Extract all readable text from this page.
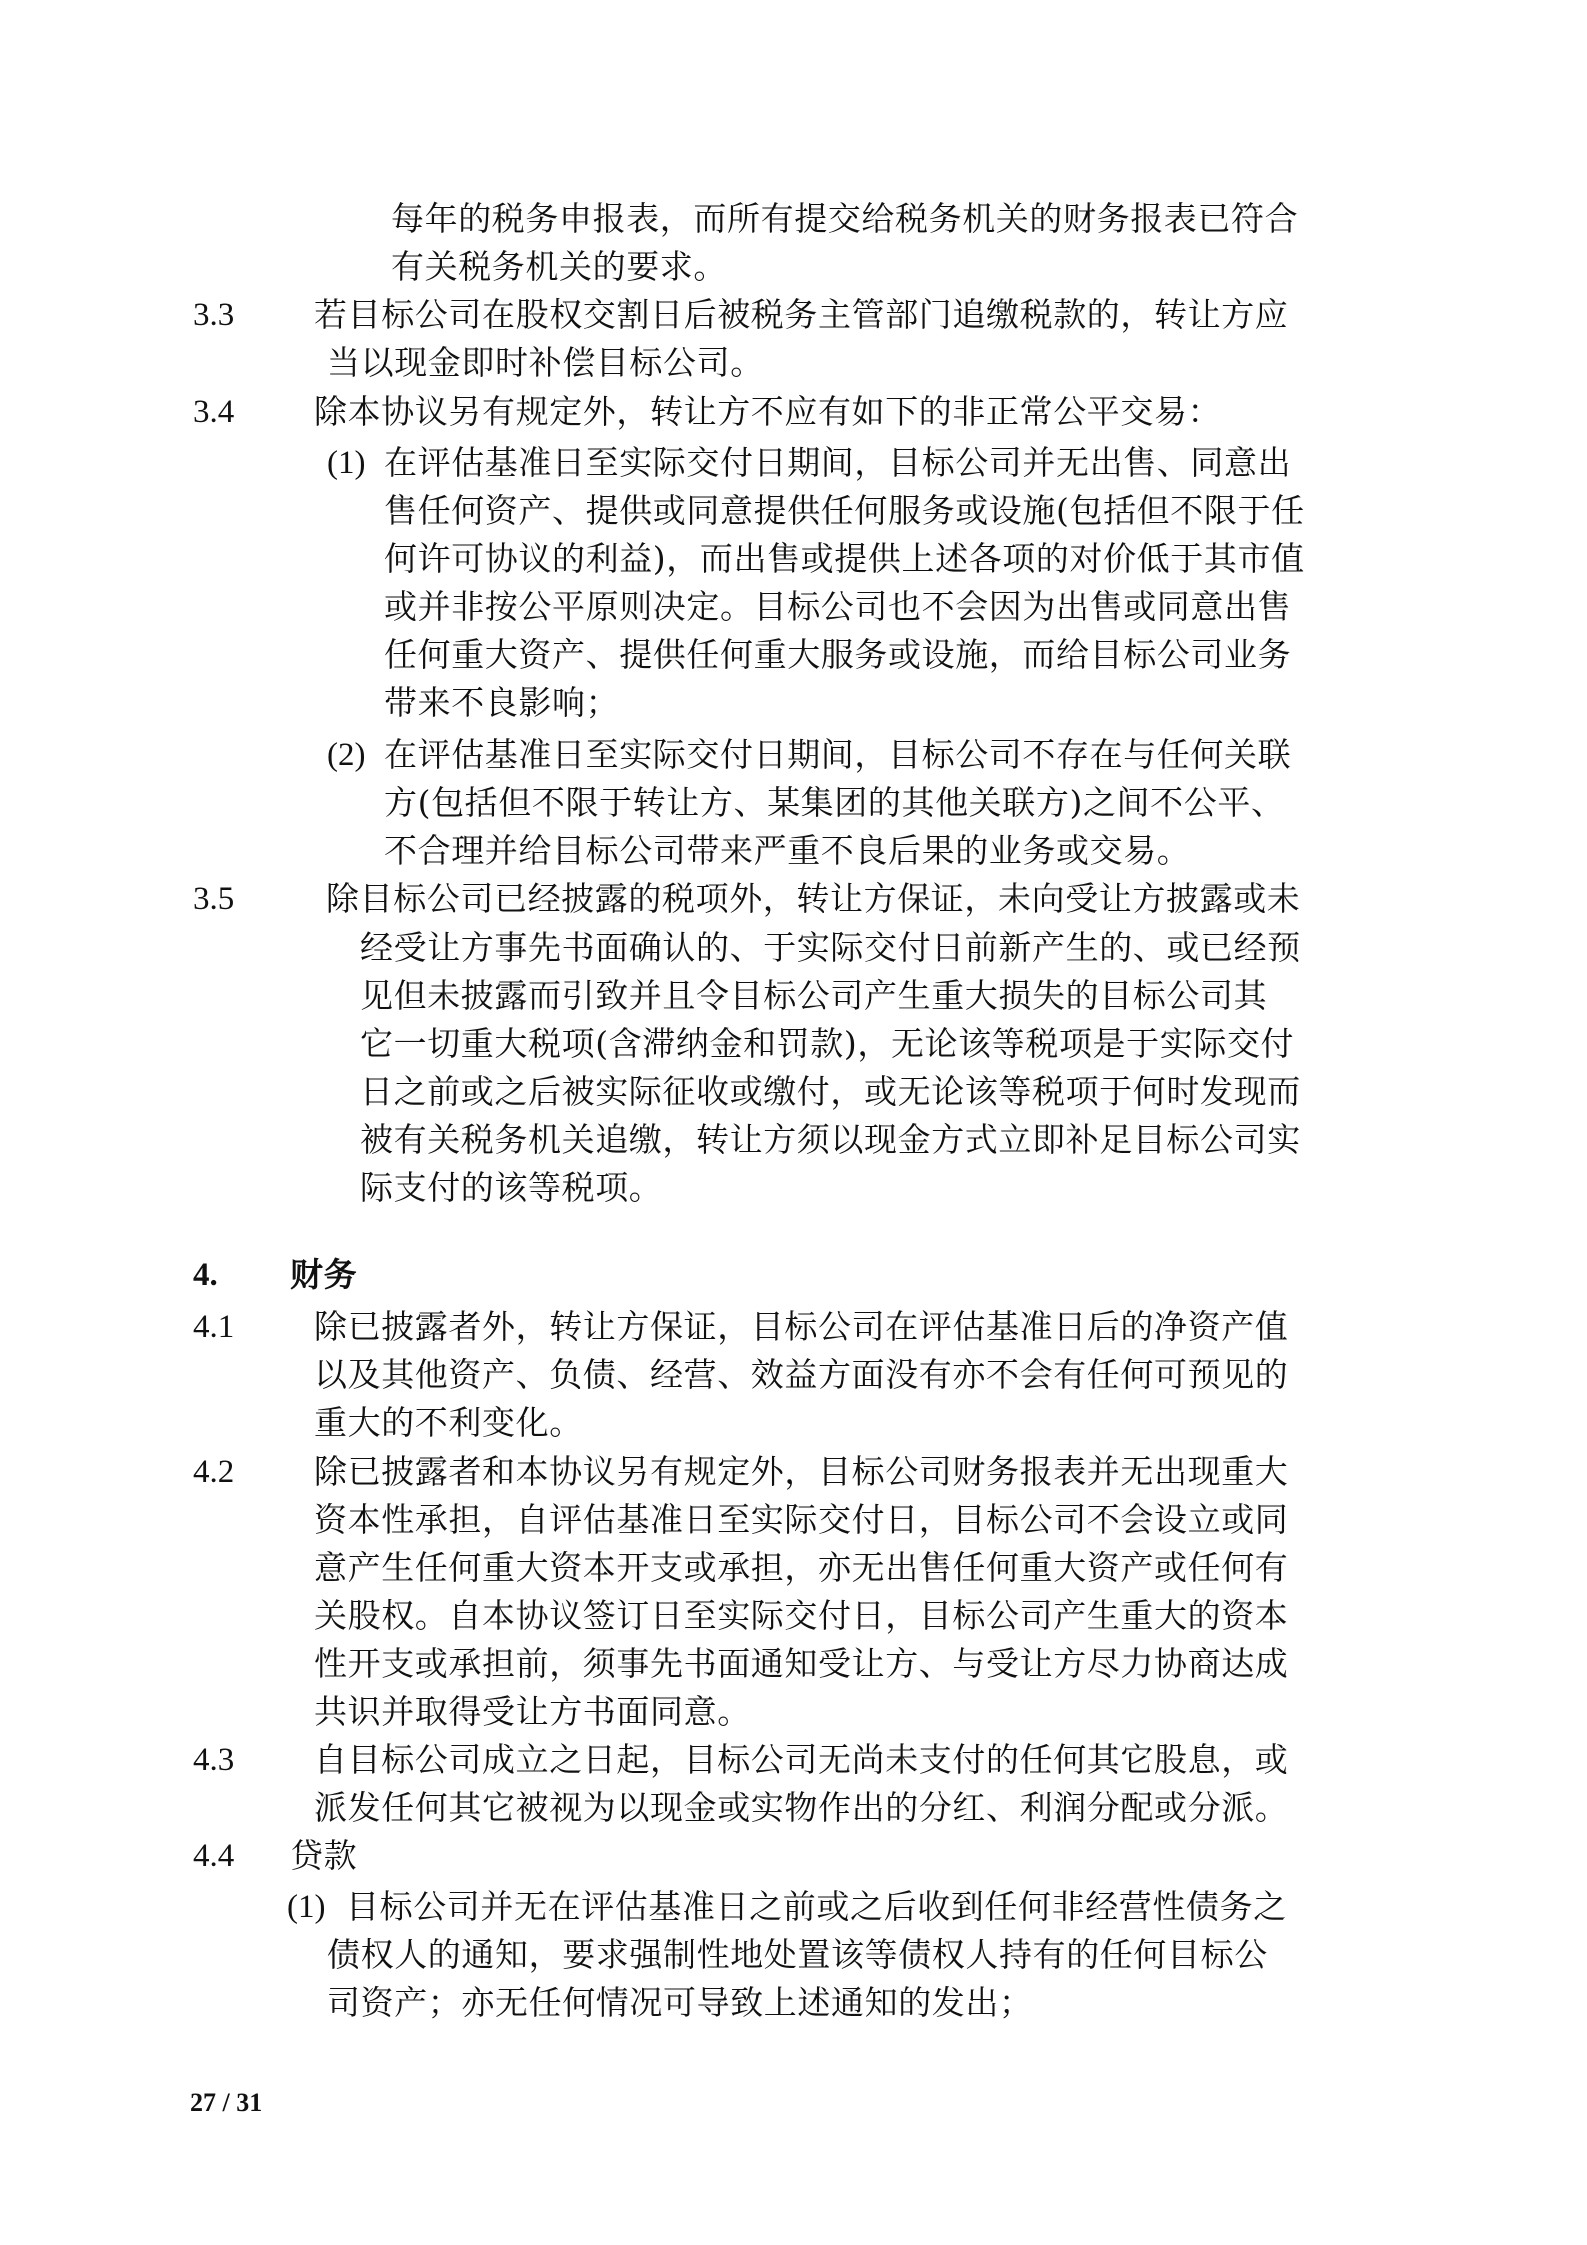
每年的税务申报表，而所有提交给税务机关的财务报表已符合
有关税务机关的要求。
3.3 若目标公司在股权交割日后被税务主管部门追缴税款的，转让方应
当以现金即时补偿目标公司。
3.4 除本协议另有规定外，转让方不应有如下的非正常公平交易：
(1) 在评估基准日至实际交付日期间，目标公司并无出售、同意出
售任何资产、提供或同意提供任何服务或设施(包括但不限于任
何许可协议的利益)，而出售或提供上述各项的对价低于其市值
或并非按公平原则决定。目标公司也不会因为出售或同意出售
任何重大资产、提供任何重大服务或设施，而给目标公司业务
带来不良影响；
(2) 在评估基准日至实际交付日期间，目标公司不存在与任何关联
方(包括但不限于转让方、某集团的其他关联方)之间不公平、
不合理并给目标公司带来严重不良后果的业务或交易。
3.5	除目标公司已经披露的税项外，转让方保证，未向受让方披露或未
经受让方事先书面确认的、于实际交付日前新产生的、或已经预
见但未披露而引致并且令目标公司产生重大损失的目标公司其
它一切重大税项(含滞纳金和罚款)，无论该等税项是于实际交付
日之前或之后被实际征收或缴付，或无论该等税项于何时发现而
被有关税务机关追缴，转让方须以现金方式立即补足目标公司实
际支付的该等税项。
4. 财务
4.1 除已披露者外，转让方保证，目标公司在评估基准日后的净资产值
以及其他资产、负债、经营、效益方面没有亦不会有任何可预见的
重大的不利变化。
4.2 除已披露者和本协议另有规定外，目标公司财务报表并无出现重大
资本性承担，自评估基准日至实际交付日，目标公司不会设立或同
意产生任何重大资本开支或承担，亦无出售任何重大资产或任何有
关股权。自本协议签订日至实际交付日，目标公司产生重大的资本
性开支或承担前，须事先书面通知受让方、与受让方尽力协商达成
共识并取得受让方书面同意。
4.3 自目标公司成立之日起，目标公司无尚未支付的任何其它股息，或
派发任何其它被视为以现金或实物作出的分红、利润分配或分派。
4.4 贷款
(1) 目标公司并无在评估基准日之前或之后收到任何非经营性债务之
债权人的通知，要求强制性地处置该等债权人持有的任何目标公
司资产；亦无任何情况可导致上述通知的发出；
27 / 31
